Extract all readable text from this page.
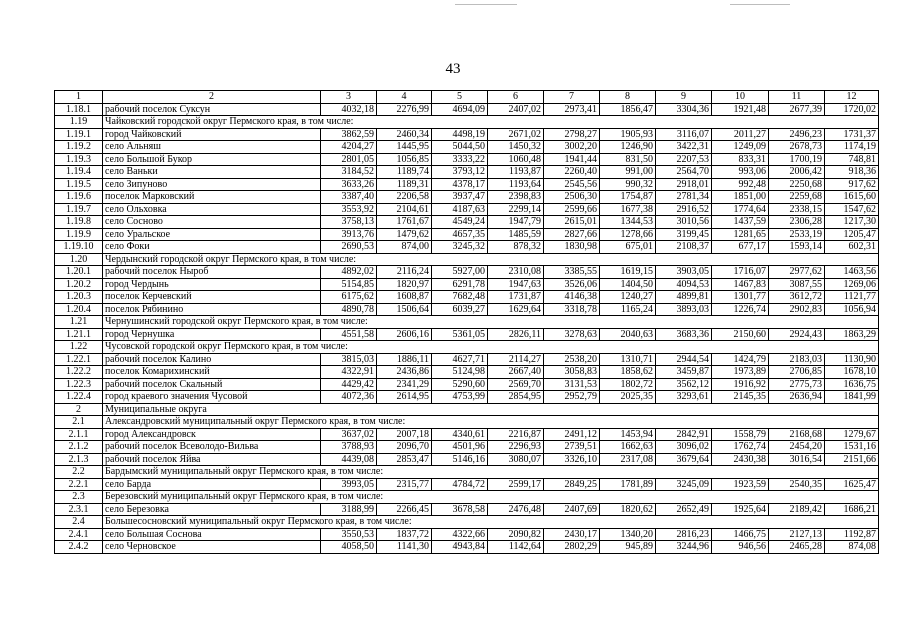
43
1	2	3	4	5	6	7	8	9	10	11	12
1.18.1	рабочий поселок Суксун	4032,18	2276,99	4694,09	2407,02	2973,41	1856,47	3304,36	1921,48	2677,39	1720,02
1.19	Чайковский городской округ Пермского края, в том числе:										
1.19.1	город Чайковский	3862,59	2460,34	4498,19	2671,02	2798,27	1905,93	3116,07	2011,27	2496,23	1731,37
1.19.2	село Альняш	4204,27	1445,95	5044,50	1450,32	3002,20	1246,90	3422,31	1249,09	2678,73	1174,19
1.19.3	село Большой Букор	2801,05	1056,85	3333,22	1060,48	1941,44	831,50	2207,53	833,31	1700,19	748,81
1.19.4	село Ваньки	3184,52	1189,74	3793,12	1193,87	2260,40	991,00	2564,70	993,06	2006,42	918,36
1.19.5	село Зипуново	3633,26	1189,31	4378,17	1193,64	2545,56	990,32	2918,01	992,48	2250,68	917,62
1.19.6	поселок Марковский	3387,40	2206,58	3937,47	2398,83	2506,30	1754,87	2781,34	1851,00	2259,68	1615,60
1.19.7	село Ольховка	3553,92	2104,61	4187,63	2299,14	2599,66	1677,38	2916,52	1774,64	2338,15	1547,62
1.19.8	село Сосново	3758,13	1761,67	4549,24	1947,79	2615,01	1344,53	3010,56	1437,59	2306,28	1217,30
1.19.9	село Уральское	3913,76	1479,62	4657,35	1485,59	2827,66	1278,66	3199,45	1281,65	2533,19	1205,47
1.19.10	село Фоки	2690,53	874,00	3245,32	878,32	1830,98	675,01	2108,37	677,17	1593,14	602,31
1.20	Чердынский городской округ Пермского края, в том числе:										
1.20.1	рабочий поселок Ныроб	4892,02	2116,24	5927,00	2310,08	3385,55	1619,15	3903,05	1716,07	2977,62	1463,56
1.20.2	город Чердынь	5154,85	1820,97	6291,78	1947,63	3526,06	1404,50	4094,53	1467,83	3087,55	1269,06
1.20.3	поселок Керчевский	6175,62	1608,87	7682,48	1731,87	4146,38	1240,27	4899,81	1301,77	3612,72	1121,77
1.20.4	поселок Рябинино	4890,78	1506,64	6039,27	1629,64	3318,78	1165,24	3893,03	1226,74	2902,83	1056,94
1.21	Чернушинский городской округ Пермского края, в том числе:										
1.21.1	город Чернушка	4551,58	2606,16	5361,05	2826,11	3278,63	2040,63	3683,36	2150,60	2924,43	1863,29
1.22	Чусовской городской округ Пермского края, в том числе:										
1.22.1	рабочий поселок Калино	3815,03	1886,11	4627,71	2114,27	2538,20	1310,71	2944,54	1424,79	2183,03	1130,90
1.22.2	поселок Комарихинский	4322,91	2436,86	5124,98	2667,40	3058,83	1858,62	3459,87	1973,89	2706,85	1678,10
1.22.3	рабочий поселок Скальный	4429,42	2341,29	5290,60	2569,70	3131,53	1802,72	3562,12	1916,92	2775,73	1636,75
1.22.4	город краевого значения Чусовой	4072,36	2614,95	4753,99	2854,95	2952,79	2025,35	3293,61	2145,35	2636,94	1841,99
2	Муниципальные округа										
2.1	Александровский муниципальный округ Пермского края, в том числе:										
2.1.1	город Александровск	3637,02	2007,18	4340,61	2216,87	2491,12	1453,94	2842,91	1558,79	2168,68	1279,67
2.1.2	рабочий поселок Всеволодо-Вильва	3788,93	2096,70	4501,96	2296,93	2739,51	1662,63	3096,02	1762,74	2454,20	1531,16
2.1.3	рабочий поселок Яйва	4439,08	2853,47	5146,16	3080,07	3326,10	2317,08	3679,64	2430,38	3016,54	2151,66
2.2	Бардымский муниципальный округ Пермского края, в том числе:										
2.2.1	село Барда	3993,05	2315,77	4784,72	2599,17	2849,25	1781,89	3245,09	1923,59	2540,35	1625,47
2.3	Березовский муниципальный округ Пермского края, в том числе:										
2.3.1	село Березовка	3188,99	2266,45	3678,58	2476,48	2407,69	1820,62	2652,49	1925,64	2189,42	1686,21
2.4	Большесосновский муниципальный округ Пермского края, в том числе:										
2.4.1	село Большая Соснова	3550,53	1837,72	4322,66	2090,82	2430,17	1340,20	2816,23	1466,75	2127,13	1192,87
2.4.2	село Черновское	4058,50	1141,30	4943,84	1142,64	2802,29	945,89	3244,96	946,56	2465,28	874,08
